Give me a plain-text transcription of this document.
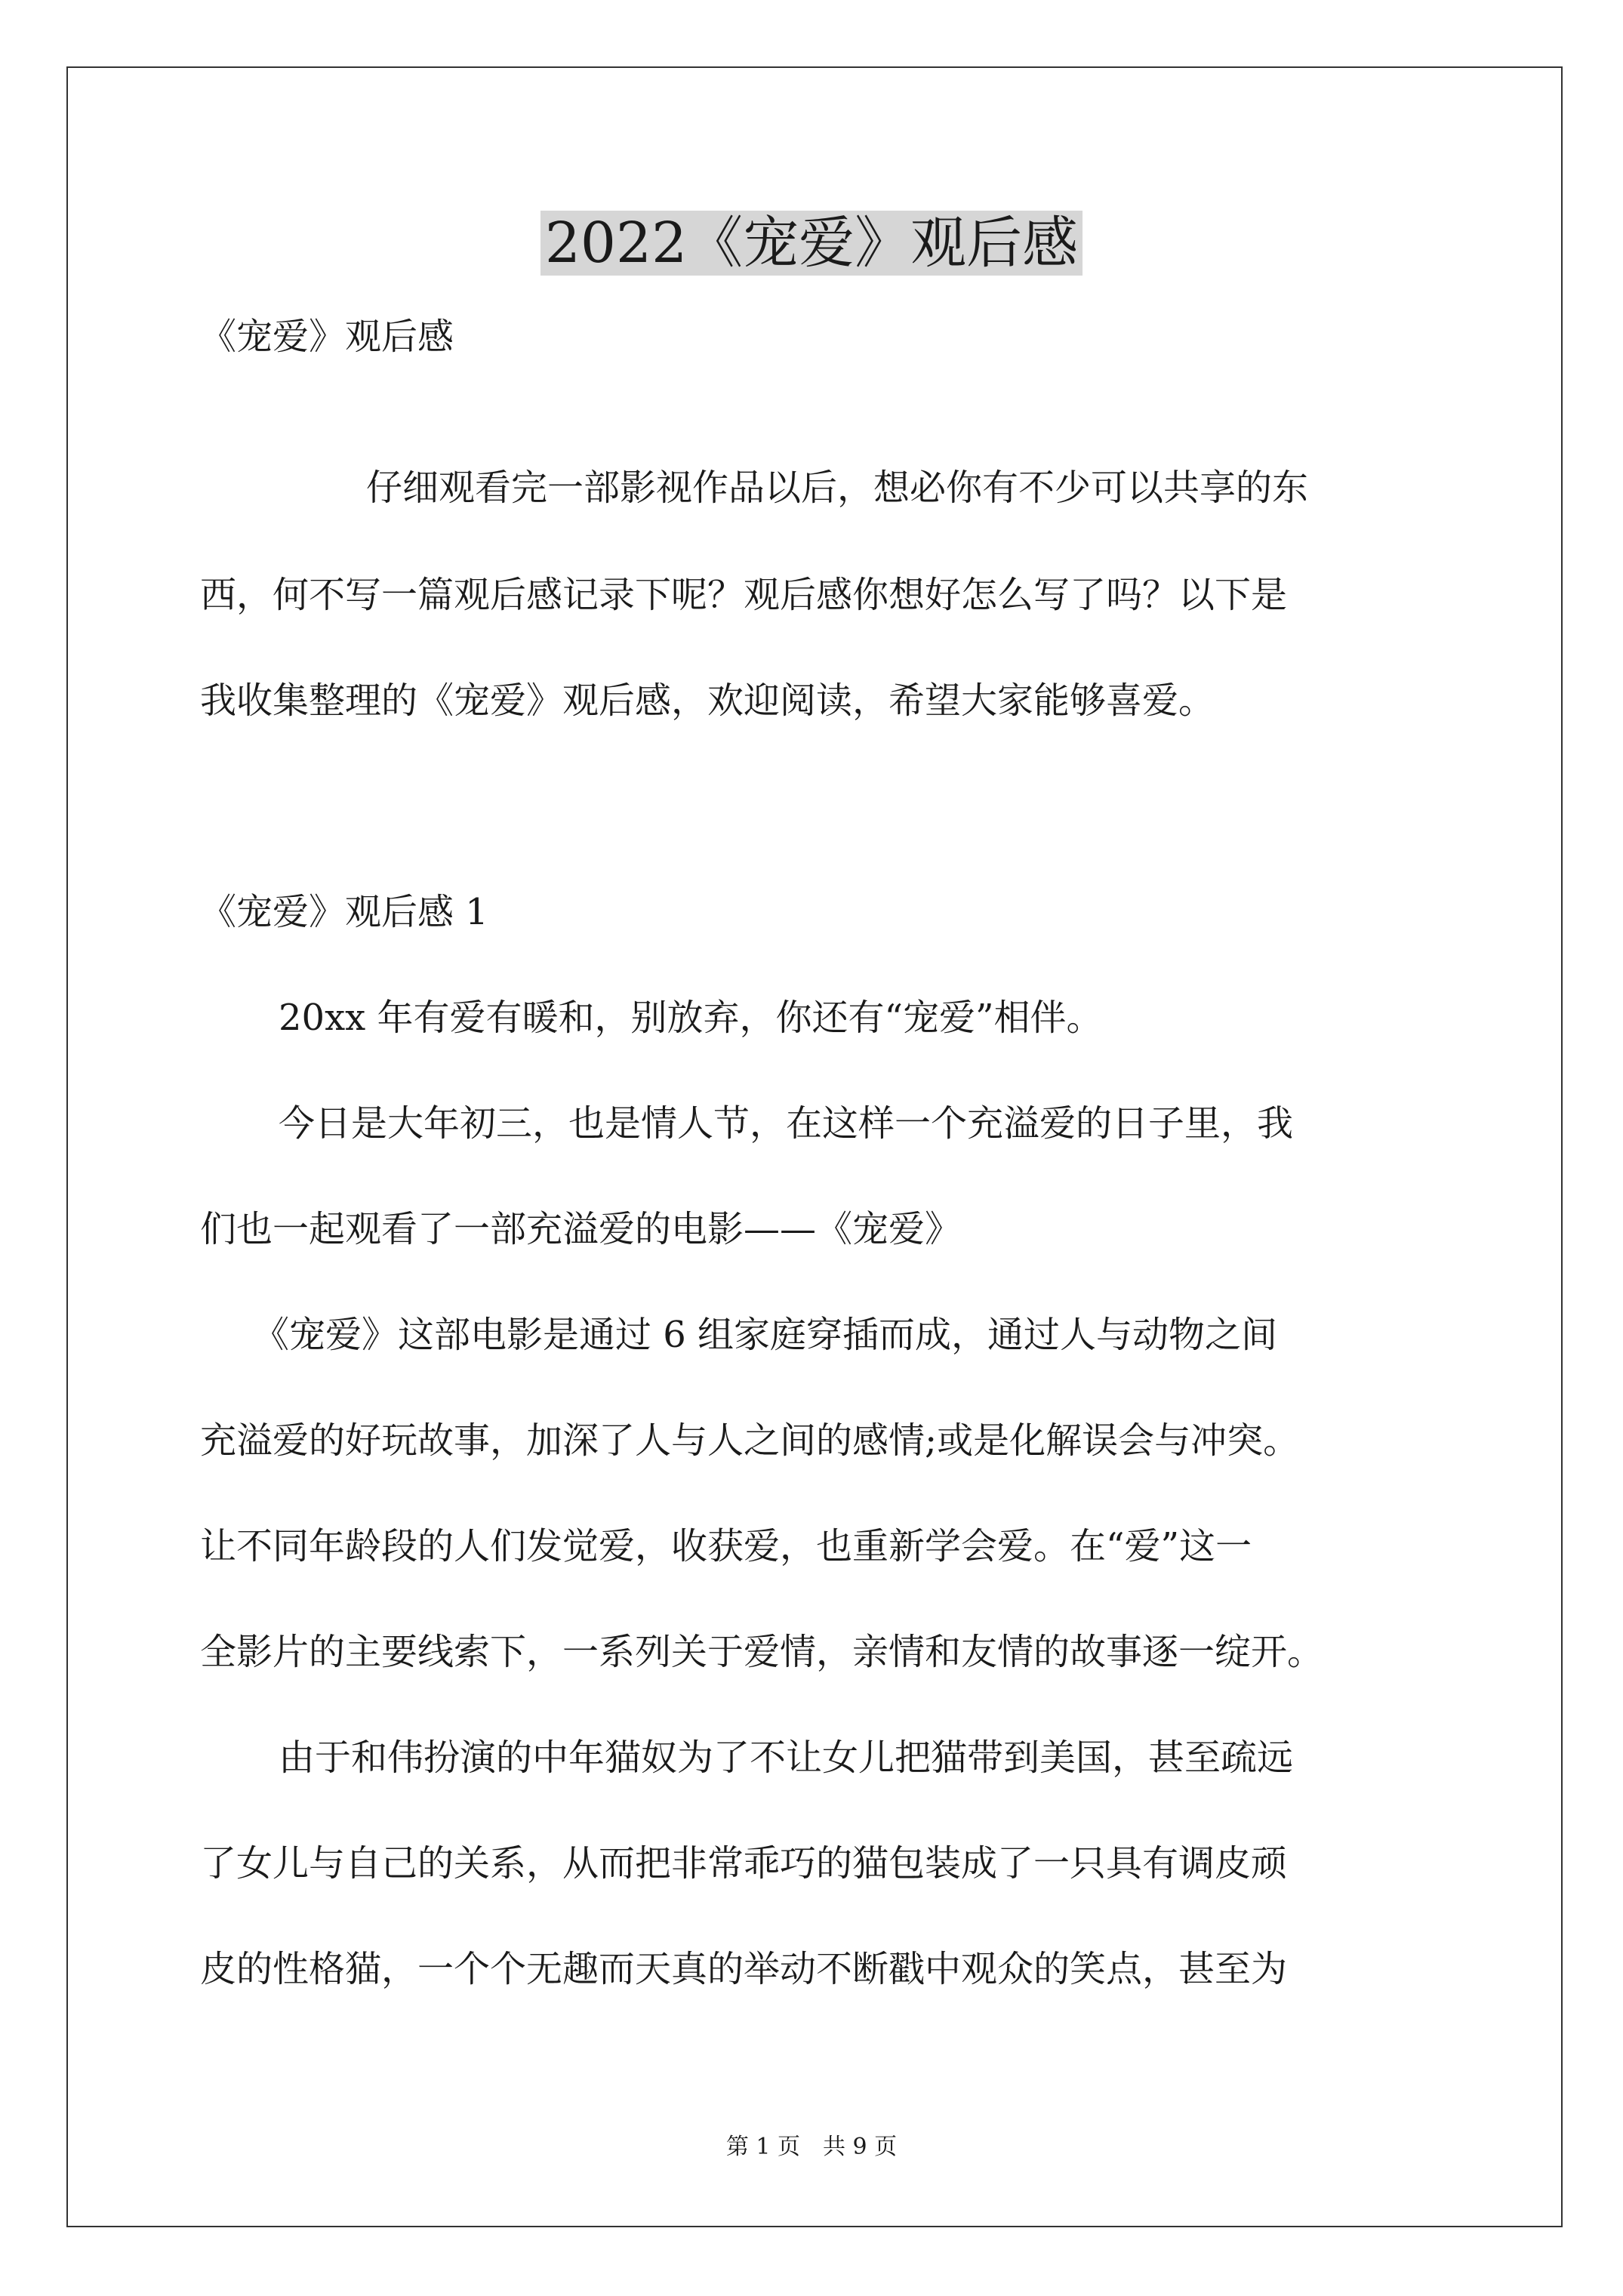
2022《宠爱》观后感
《宠爱》观后感
仔细观看完一部影视作品以后，想必你有不少可以共享的东
西，何不写一篇观后感记录下呢？观后感你想好怎么写了吗？以下是
我收集整理的《宠爱》观后感，欢迎阅读，希望大家能够喜爱。
《宠爱》观后感 1
20xx 年有爱有暖和，别放弃，你还有“宠爱”相伴。
今日是大年初三，也是情人节，在这样一个充溢爱的日子里，我
们也一起观看了一部充溢爱的电影——《宠爱》
《宠爱》这部电影是通过 6 组家庭穿插而成，通过人与动物之间
充溢爱的好玩故事，加深了人与人之间的感情;或是化解误会与冲突。
让不同年龄段的人们发觉爱，收获爱，也重新学会爱。在“爱”这一
全影片的主要线索下，一系列关于爱情，亲情和友情的故事逐一绽开。
由于和伟扮演的中年猫奴为了不让女儿把猫带到美国，甚至疏远
了女儿与自己的关系，从而把非常乖巧的猫包装成了一只具有调皮顽
皮的性格猫，一个个无趣而天真的举动不断戳中观众的笑点，甚至为
第 1 页　共 9 页
